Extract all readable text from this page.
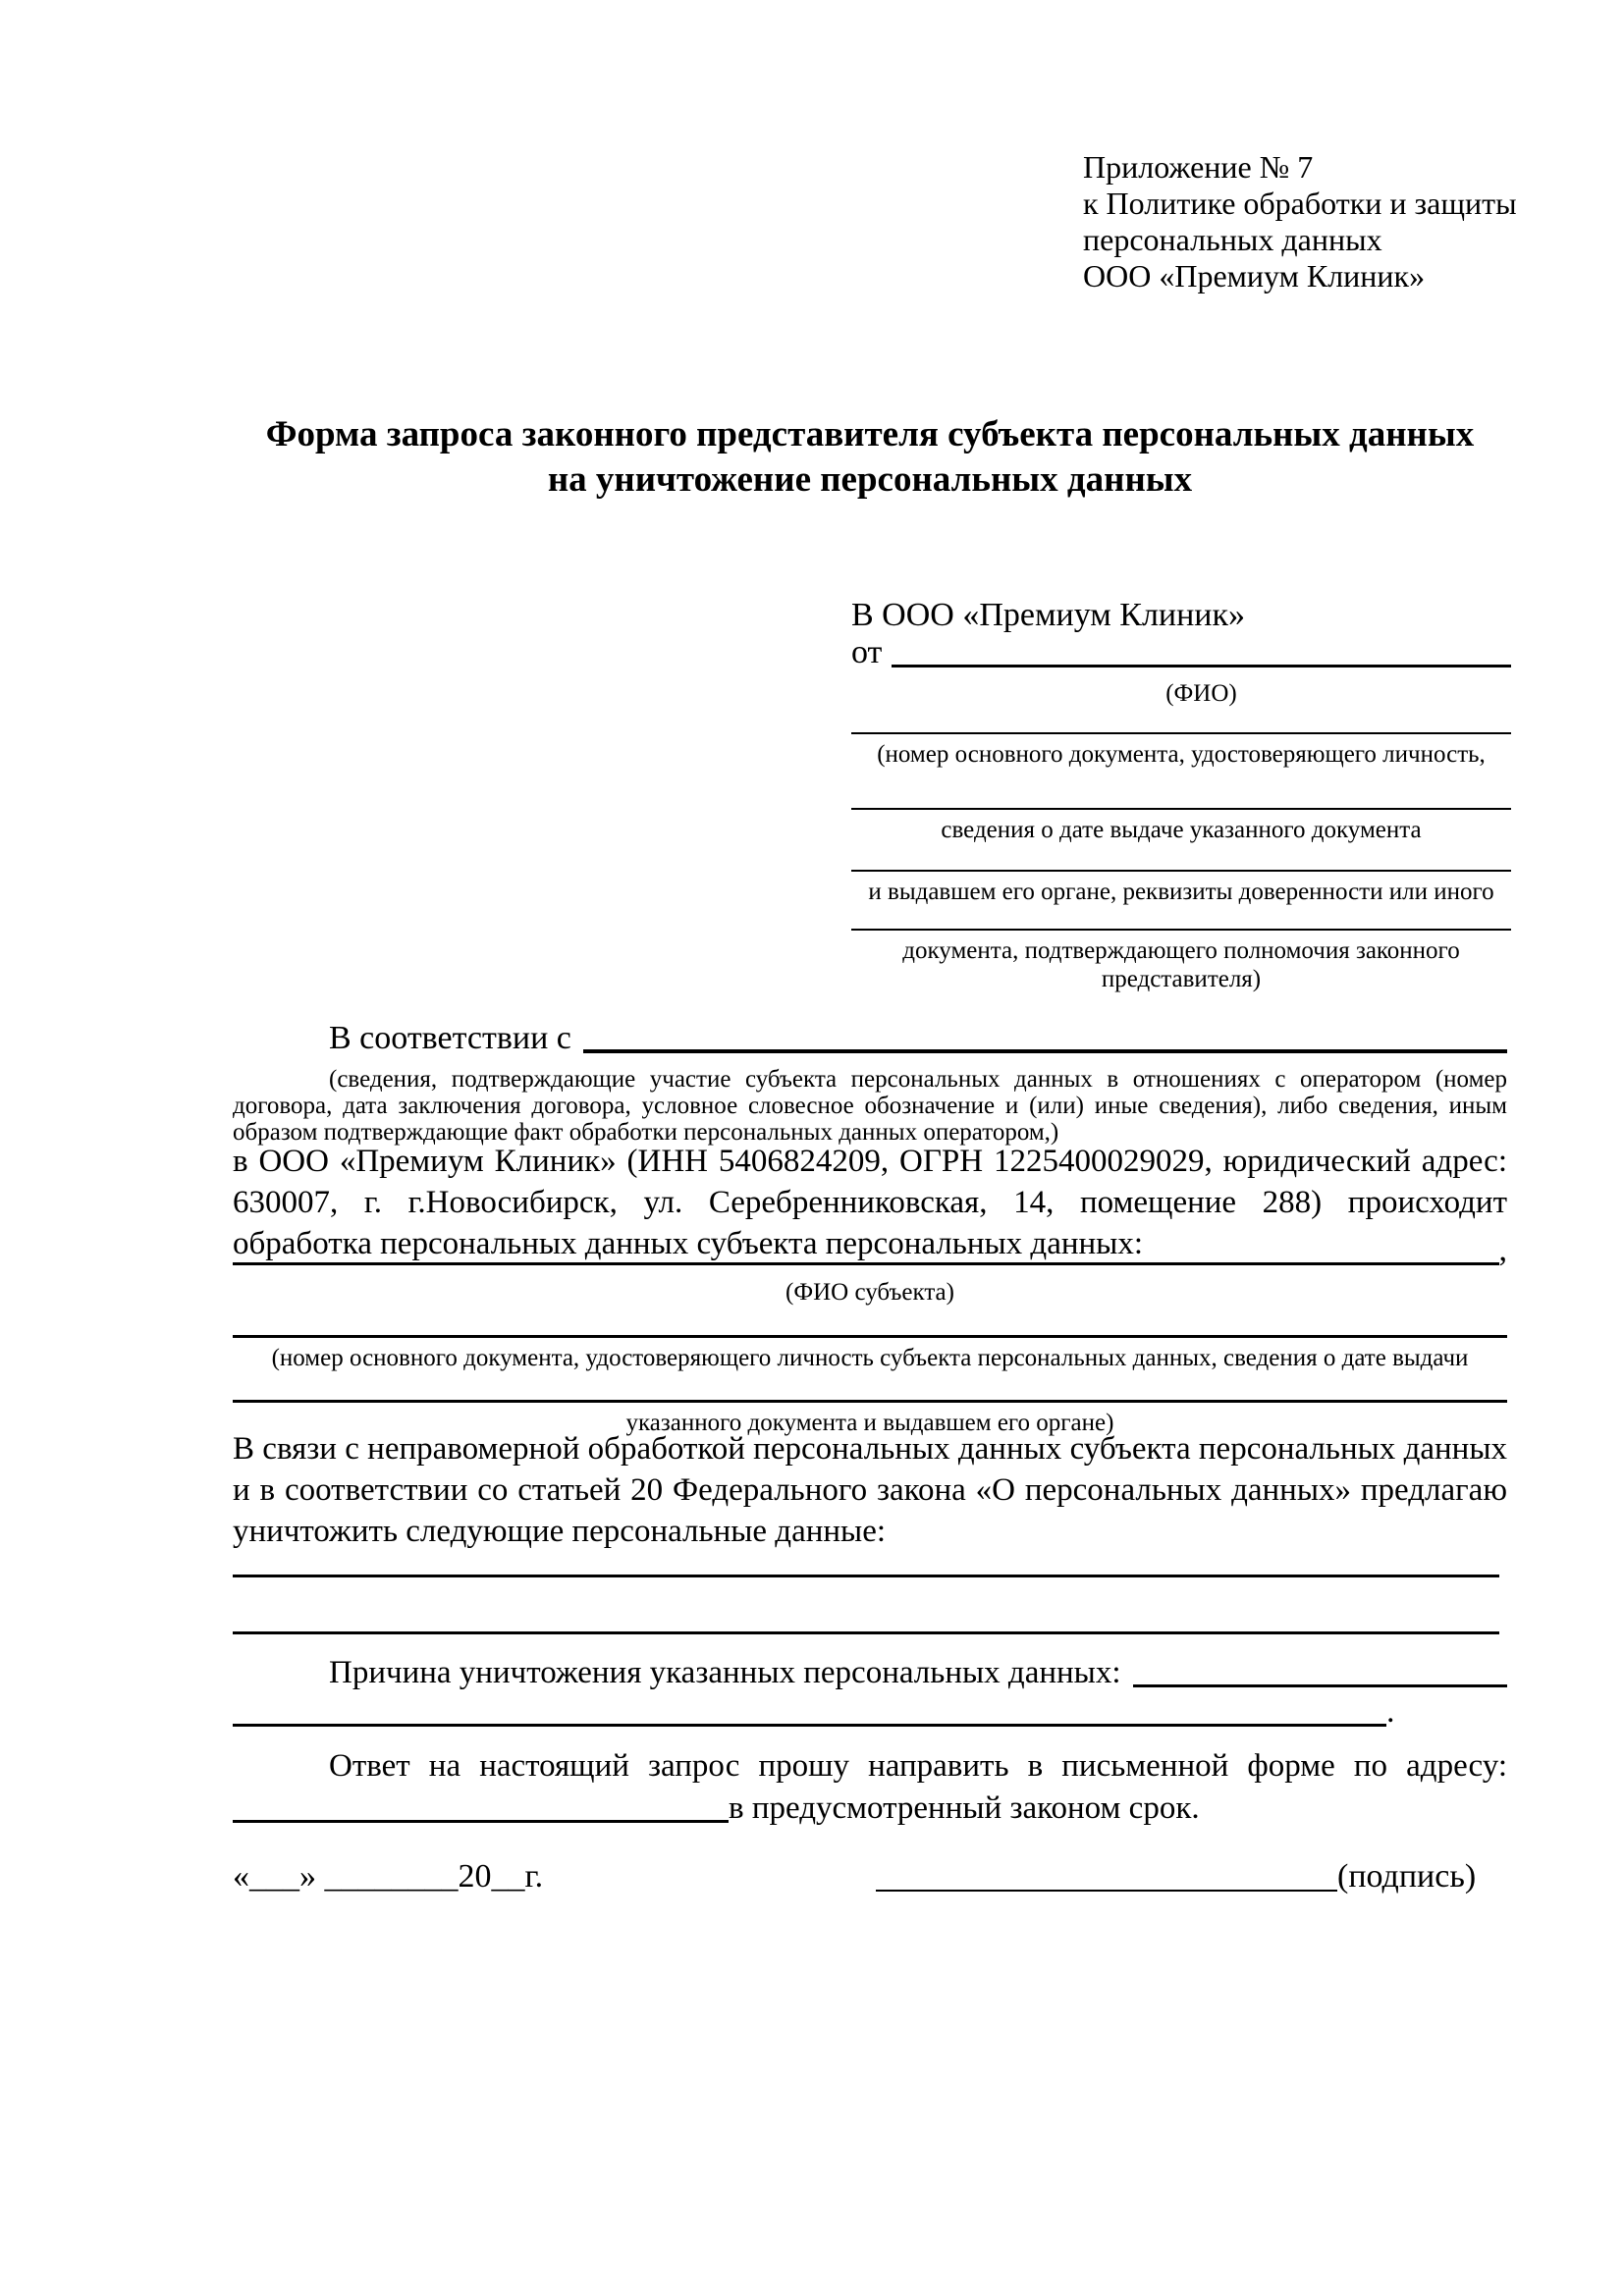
Приложение № 7
к Политике обработки и защиты
персональных данных
ООО «Премиум Клиник»
Форма запроса законного представителя субъекта персональных данных
на уничтожение персональных данных
В ООО «Премиум Клиник»
от
(ФИО)
(номер основного документа, удостоверяющего личность,
сведения о дате выдаче указанного документа
и выдавшем его органе, реквизиты доверенности или иного
документа, подтверждающего полномочия законного представителя)
В соответствии с
(сведения, подтверждающие участие субъекта персональных данных в отношениях с оператором (номер договора, дата заключения договора, условное словесное обозначение и (или) иные сведения), либо сведения, иным образом подтверждающие факт обработки персональных данных оператором,)
в ООО «Премиум Клиник» (ИНН 5406824209, ОГРН 1225400029029, юридический адрес: 630007, г. г.Новосибирск, ул. Серебренниковская, 14, помещение 288) происходит обработка персональных данных субъекта персональных данных:	,
(ФИО субъекта)
(номер основного документа, удостоверяющего личность субъекта персональных данных, сведения о дате выдачи
указанного документа и выдавшем его органе)
В связи с неправомерной обработкой персональных данных субъекта персональных данных и в соответствии со статьей 20 Федерального закона «О персональных данных» предлагаю уничтожить следующие персональные данные:
Причина уничтожения указанных персональных данных:
.
Ответ на настоящий запрос прошу направить в письменной форме по адресу:
в предусмотренный законом срок.
«___» ________20__г.	(подпись)
